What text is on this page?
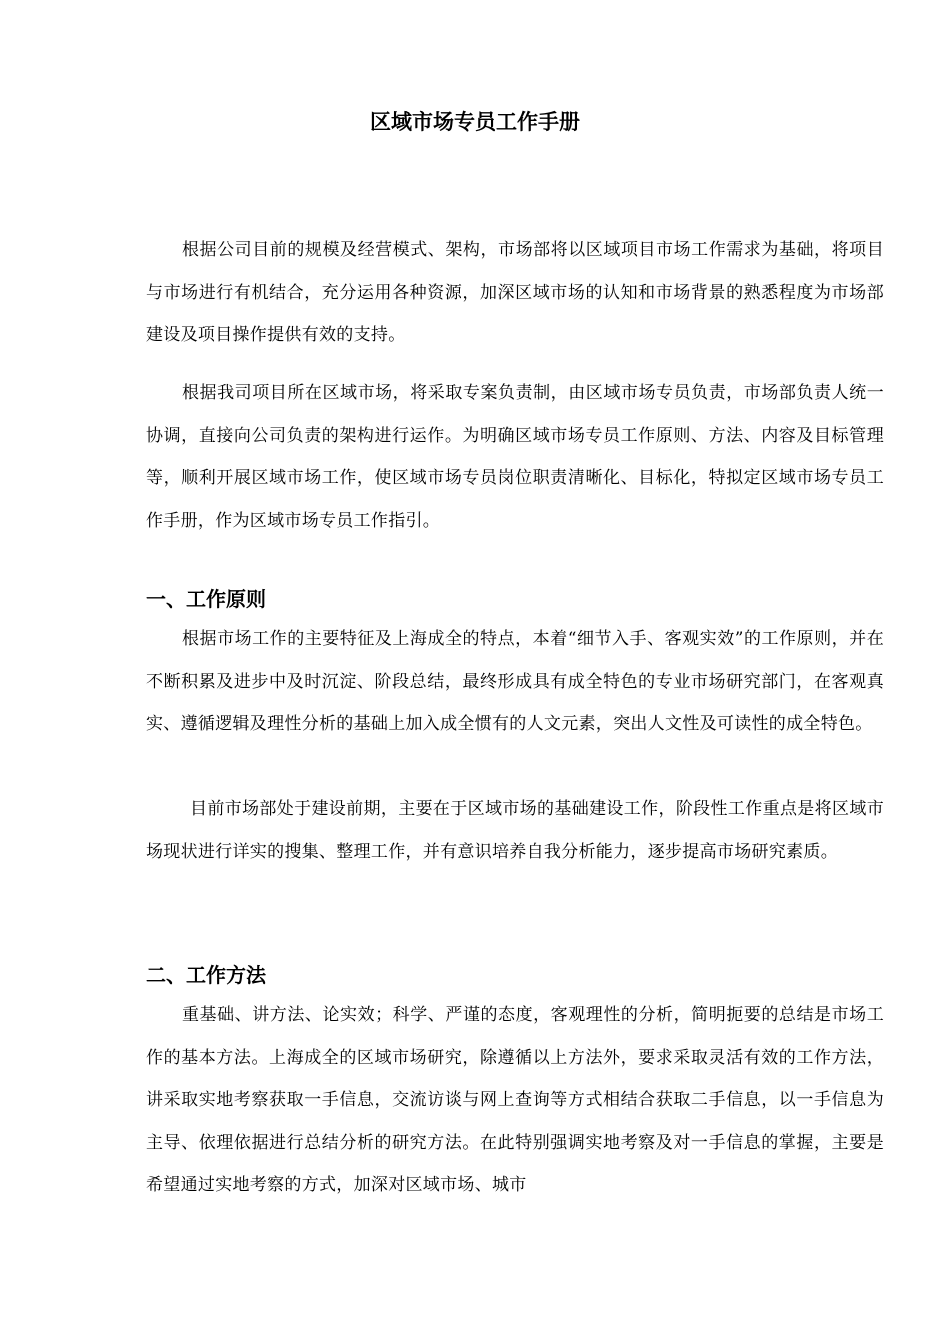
区域市场专员工作手册

根据公司目前的规模及经营模式、架构，市场部将以区域项目市场工作需求为基础，将项目与市场进行有机结合，充分运用各种资源，加深区域市场的认知和市场背景的熟悉程度为市场部建设及项目操作提供有效的支持。

根据我司项目所在区域市场，将采取专案负责制，由区域市场专员负责，市场部负责人统一协调，直接向公司负责的架构进行运作。为明确区域市场专员工作原则、方法、内容及目标管理等，顺利开展区域市场工作，使区域市场专员岗位职责清晰化、目标化，特拟定区域市场专员工作手册，作为区域市场专员工作指引。

一、工作原则

根据市场工作的主要特征及上海成全的特点，本着“细节入手、客观实效”的工作原则，并在不断积累及进步中及时沉淀、阶段总结，最终形成具有成全特色的专业市场研究部门，在客观真实、遵循逻辑及理性分析的基础上加入成全惯有的人文元素，突出人文性及可读性的成全特色。

目前市场部处于建设前期，主要在于区域市场的基础建设工作，阶段性工作重点是将区域市场现状进行详实的搜集、整理工作，并有意识培养自我分析能力，逐步提高市场研究素质。

二、工作方法

重基础、讲方法、论实效；科学、严谨的态度，客观理性的分析，简明扼要的总结是市场工作的基本方法。上海成全的区域市场研究，除遵循以上方法外，要求采取灵活有效的工作方法，讲采取实地考察获取一手信息，交流访谈与网上查询等方式相结合获取二手信息，以一手信息为主导、依理依据进行总结分析的研究方法。在此特别强调实地考察及对一手信息的掌握，主要是希望通过实地考察的方式，加深对区域市场、城市
